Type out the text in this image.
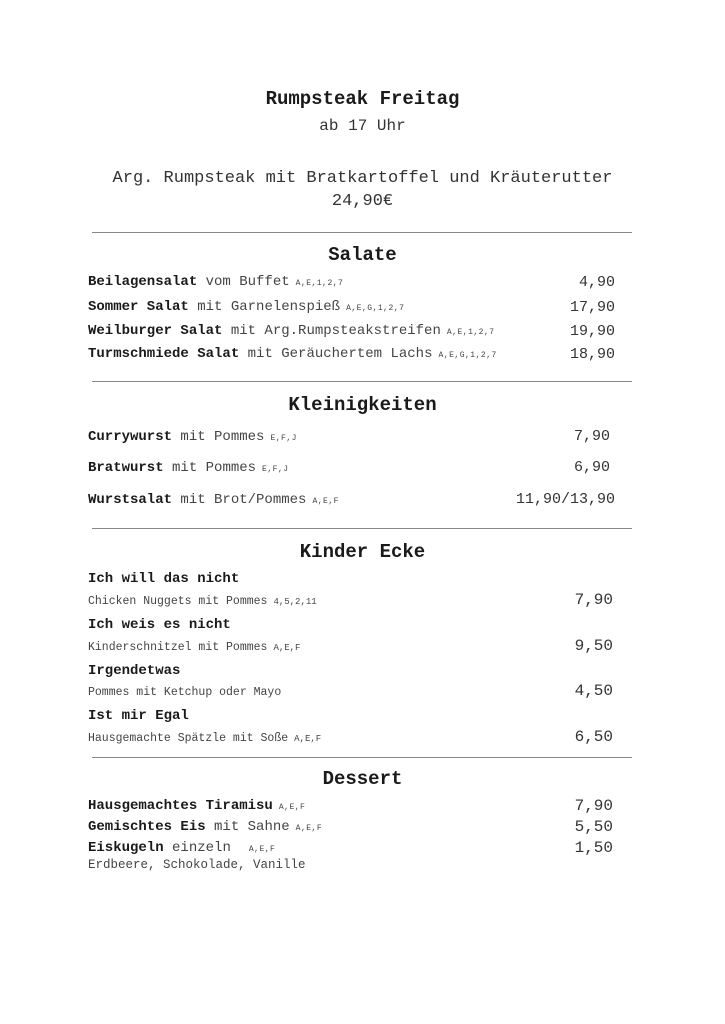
Rumpsteak Freitag
ab 17 Uhr
Arg. Rumpsteak mit Bratkartoffel und Kräuterutter
24,90€
Salate
Beilagensalat vom Buffet A,E,1,2,7	4,90
Sommer Salat mit Garnelenspieß A,E,G,1,2,7	17,90
Weilburger Salat mit Arg.Rumpsteakstreifen A,E,1,2,7	19,90
Turmschmiede Salat mit Geräuchertem Lachs A,E,G,1,2,7	18,90
Kleinigkeiten
Currywurst mit Pommes E,F,J	7,90
Bratwurst mit Pommes E,F,J	6,90
Wurstsalat mit Brot/Pommes A,E,F	11,90/13,90
Kinder Ecke
Ich will das nicht
Chicken Nuggets mit Pommes 4,5,2,11	7,90
Ich weis es nicht
Kinderschnitzel mit Pommes A,E,F	9,50
Irgendetwas
Pommes mit Ketchup oder Mayo	4,50
Ist mir Egal
Hausgemachte Spätzle mit Soße A,E,F	6,50
Dessert
Hausgemachtes Tiramisu A,E,F	7,90
Gemischtes Eis mit Sahne A,E,F	5,50
Eiskugeln einzeln A,E,F	1,50
Erdbeere, Schokolade, Vanille
